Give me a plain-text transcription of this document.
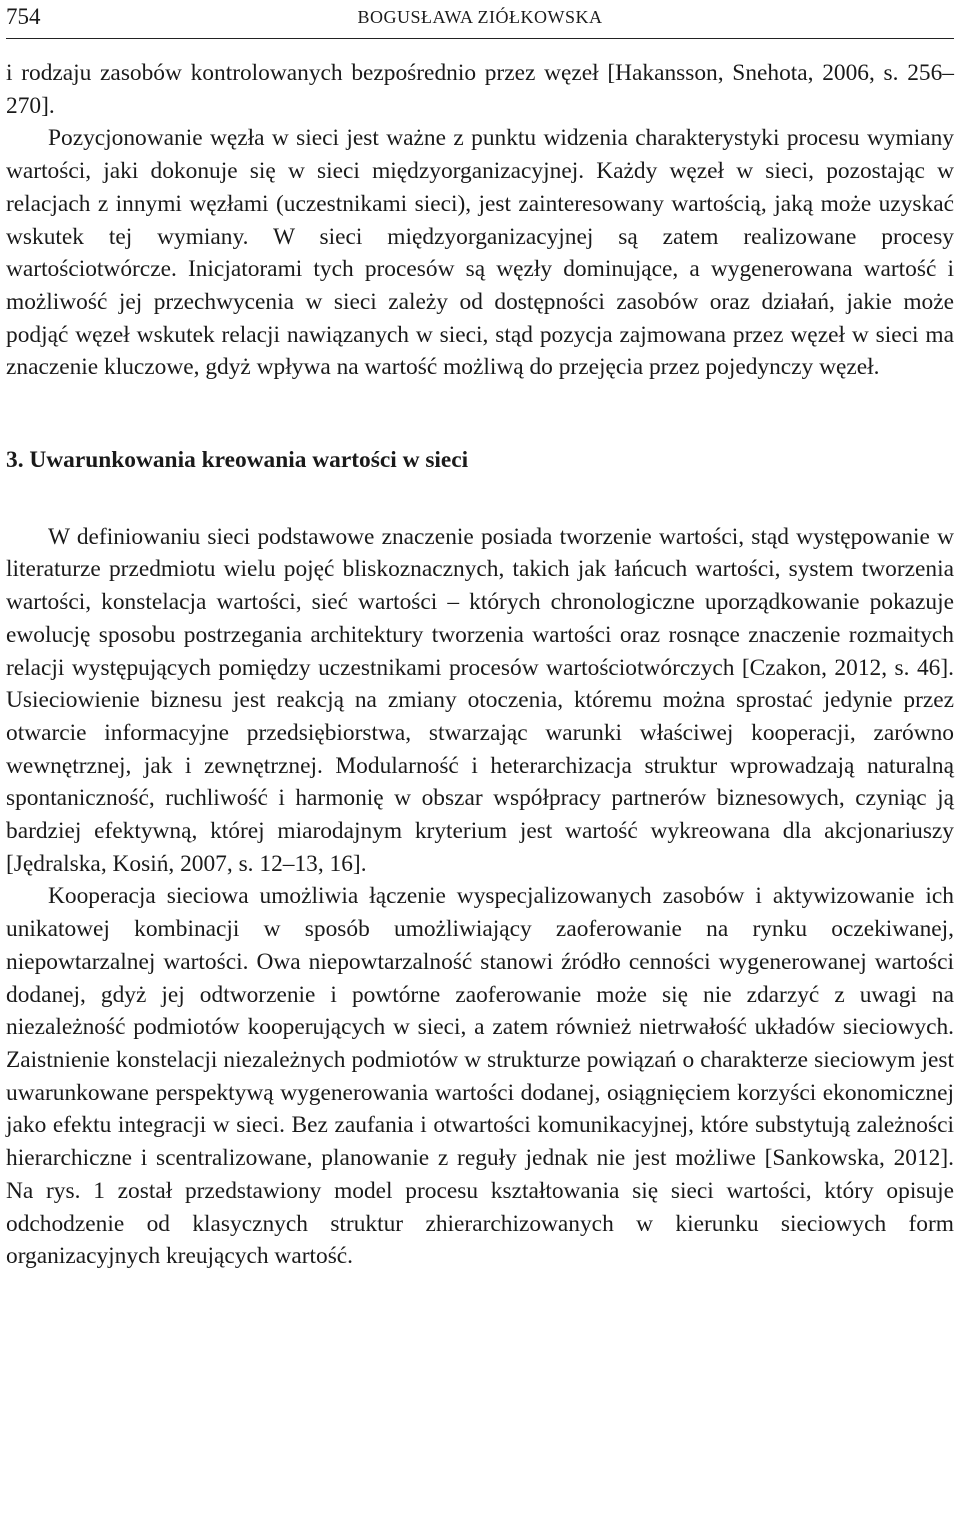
754	BOGUSŁAWA ZIÓŁKOWSKA

i rodzaju zasobów kontrolowanych bezpośrednio przez węzeł [Hakansson, Snehota, 2006, s. 256–270].

Pozycjonowanie węzła w sieci jest ważne z punktu widzenia charakterystyki procesu wymiany wartości, jaki dokonuje się w sieci międzyorganizacyjnej. Każdy węzeł w sieci, pozostając w relacjach z innymi węzłami (uczestnikami sieci), jest zainteresowany wartością, jaką może uzyskać wskutek tej wymiany. W sieci międzyorganizacyjnej są zatem realizowane procesy wartościotwórcze. Inicjatorami tych procesów są węzły dominujące, a wygenerowana wartość i możliwość jej przechwycenia w sieci zależy od dostępności zasobów oraz działań, jakie może podjąć węzeł wskutek relacji nawiązanych w sieci, stąd pozycja zajmowana przez węzeł w sieci ma znaczenie kluczowe, gdyż wpływa na wartość możliwą do przejęcia przez pojedynczy węzeł.

3. Uwarunkowania kreowania wartości w sieci

W definiowaniu sieci podstawowe znaczenie posiada tworzenie wartości, stąd występowanie w literaturze przedmiotu wielu pojęć bliskoznacznych, takich jak łańcuch wartości, system tworzenia wartości, konstelacja wartości, sieć wartości – których chronologiczne uporządkowanie pokazuje ewolucję sposobu postrzegania architektury tworzenia wartości oraz rosnące znaczenie rozmaitych relacji występujących pomiędzy uczestnikami procesów wartościotwórczych [Czakon, 2012, s. 46]. Usieciowienie biznesu jest reakcją na zmiany otoczenia, któremu można sprostać jedynie przez otwarcie informacyjne przedsiębiorstwa, stwarzając warunki właściwej kooperacji, zarówno wewnętrznej, jak i zewnętrznej. Modularność i heterarchizacja struktur wprowadzają naturalną spontaniczność, ruchliwość i harmonię w obszar współpracy partnerów biznesowych, czyniąc ją bardziej efektywną, której miarodajnym kryterium jest wartość wykreowana dla akcjonariuszy [Jędralska, Kosiń, 2007, s. 12–13, 16].

Kooperacja sieciowa umożliwia łączenie wyspecjalizowanych zasobów i aktywizowanie ich unikatowej kombinacji w sposób umożliwiający zaoferowanie na rynku oczekiwanej, niepowtarzalnej wartości. Owa niepowtarzalność stanowi źródło cenności wygenerowanej wartości dodanej, gdyż jej odtworzenie i powtórne zaoferowanie może się nie zdarzyć z uwagi na niezależność podmiotów kooperujących w sieci, a zatem również nietrwałość układów sieciowych. Zaistnienie konstelacji niezależnych podmiotów w strukturze powiązań o charakterze sieciowym jest uwarunkowane perspektywą wygenerowania wartości dodanej, osiągnięciem korzyści ekonomicznej jako efektu integracji w sieci. Bez zaufania i otwartości komunikacyjnej, które substytują zależności hierarchiczne i scentralizowane, planowanie z reguły jednak nie jest możliwe [Sankowska, 2012]. Na rys. 1 został przedstawiony model procesu kształtowania się sieci wartości, który opisuje odchodzenie od klasycznych struktur zhierarchizowanych w kierunku sieciowych form organizacyjnych kreujących wartość.
